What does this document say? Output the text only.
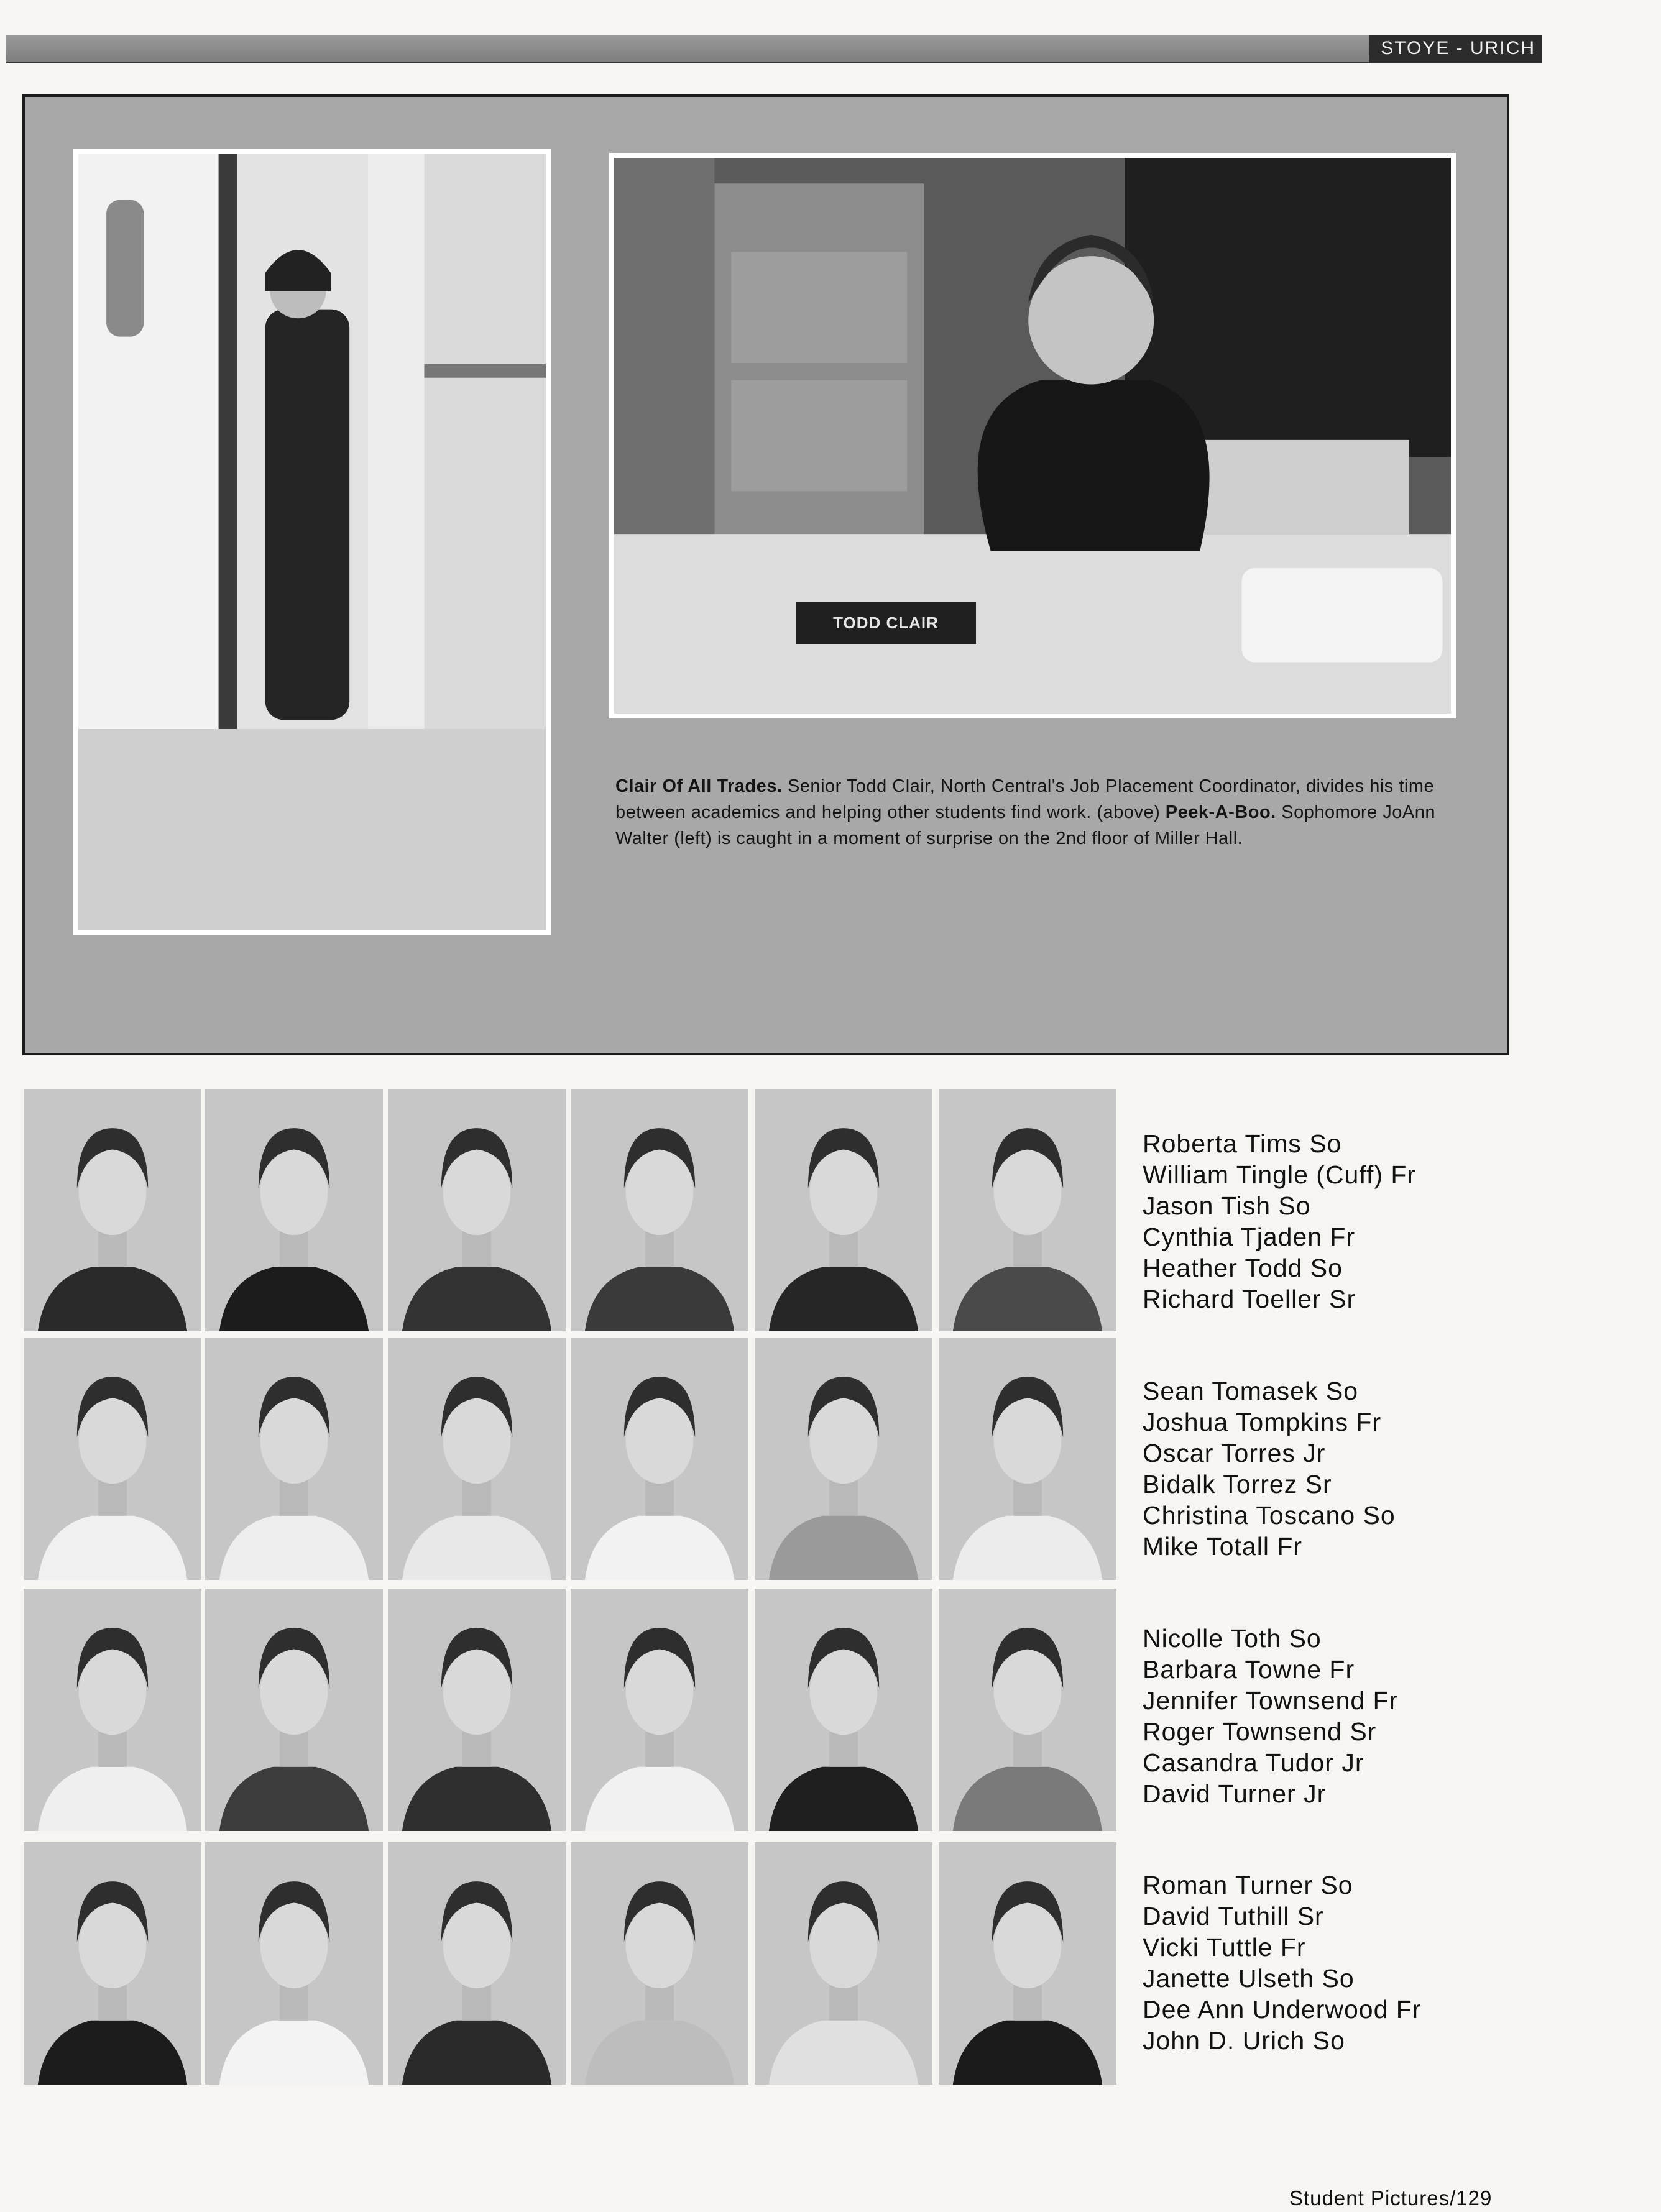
STOYE - URICH
TODD CLAIR
Clair Of All Trades. Senior Todd Clair, North Central's Job Placement Coordinator, divides his time between academics and helping other students find work. (above) Peek-A-Boo. Sophomore JoAnn Walter (left) is caught in a moment of surprise on the 2nd floor of Miller Hall.
Roberta Tims So
William Tingle (Cuff) Fr
Jason Tish So
Cynthia Tjaden Fr
Heather Todd So
Richard Toeller Sr
Sean Tomasek So
Joshua Tompkins Fr
Oscar Torres Jr
Bidalk Torrez Sr
Christina Toscano So
Mike Totall Fr
Nicolle Toth So
Barbara Towne Fr
Jennifer Townsend Fr
Roger Townsend Sr
Casandra Tudor Jr
David Turner Jr
Roman Turner So
David Tuthill Sr
Vicki Tuttle Fr
Janette Ulseth So
Dee Ann Underwood Fr
John D. Urich So
Student Pictures/129
